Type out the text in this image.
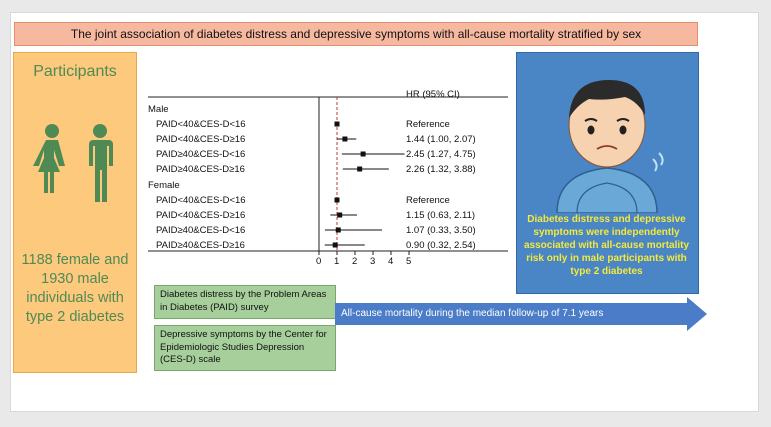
The joint association of diabetes distress and depressive symptoms with all-cause mortality stratified by sex
Participants
1188 female and 1930 male individuals with type 2 diabetes
HR (95% CI)
Male
PAID<40&CES-D<16	Reference
PAID<40&CES-D≥16	1.44 (1.00, 2.07)
PAID≥40&CES-D<16	2.45 (1.27, 4.75)
PAID≥40&CES-D≥16	2.26 (1.32, 3.88)
Female
PAID<40&CES-D<16	Reference
PAID<40&CES-D≥16	1.15 (0.63, 2.11)
PAID≥40&CES-D<16	1.07 (0.33, 3.50)
PAID≥40&CES-D≥16	0.90 (0.32, 2.54)
0 1 2 3 4 5
Diabetes distress by the Problem Areas in Diabetes (PAID) survey
Depressive symptoms by the Center for Epidemiologic Studies Depression (CES-D) scale
All-cause mortality during the median follow-up of 7.1 years
Diabetes distress and depressive symptoms were independently associated with all-cause mortality risk only in male participants with type 2 diabetes
